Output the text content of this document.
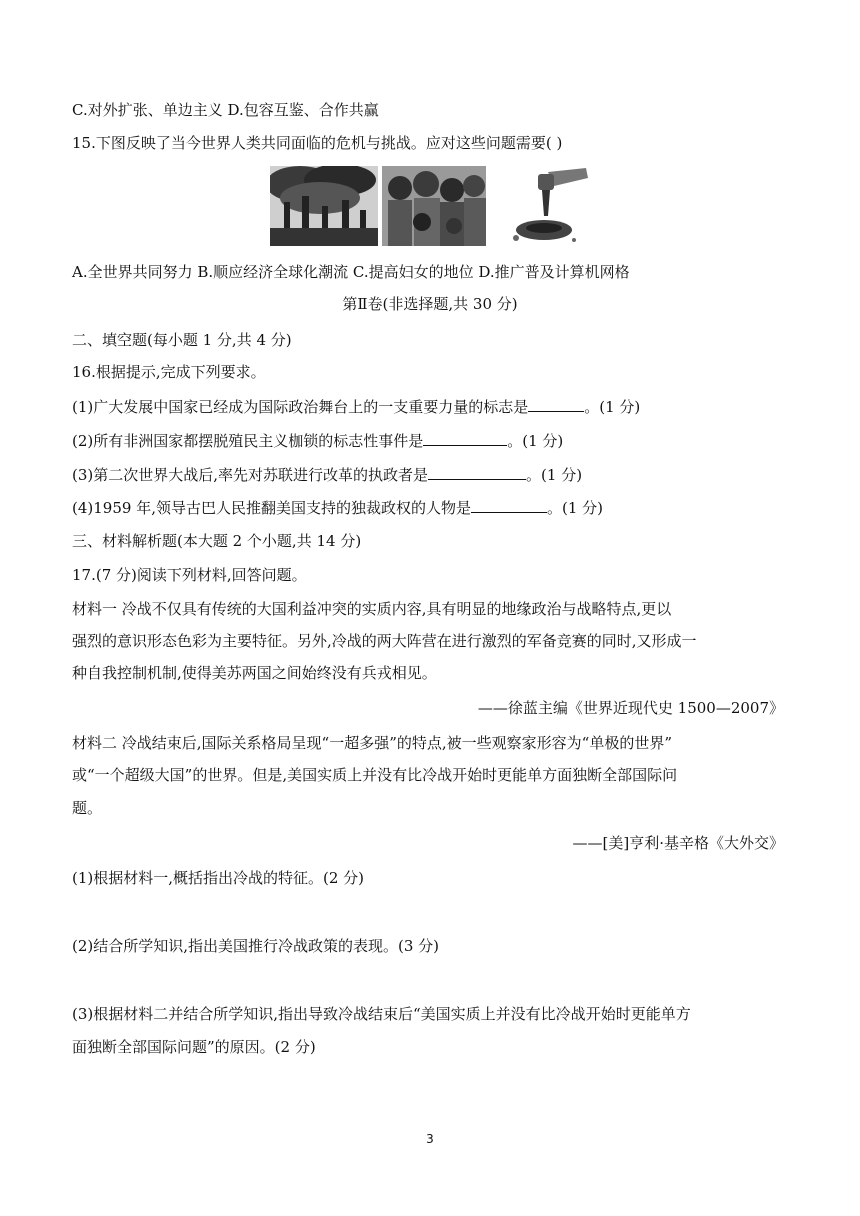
C.对外扩张、单边主义 D.包容互鉴、合作共赢
15.下图反映了当今世界人类共同面临的危机与挑战。应对这些问题需要( )
A.全世界共同努力 B.顺应经济全球化潮流 C.提高妇女的地位 D.推广普及计算机网格
第Ⅱ卷(非选择题,共 30 分)
二、填空题(每小题 1 分,共 4 分)
16.根据提示,完成下列要求。
(1)广大发展中国家已经成为国际政治舞台上的一支重要力量的标志是	。(1 分)
(2)所有非洲国家都摆脱殖民主义枷锁的标志性事件是	。(1 分)
(3)第二次世界大战后,率先对苏联进行改革的执政者是	。(1 分)
(4)1959 年,领导古巴人民推翻美国支持的独裁政权的人物是	。(1 分)
三、材料解析题(本大题 2 个小题,共 14 分)
17.(7 分)阅读下列材料,回答问题。
材料一 冷战不仅具有传统的大国利益冲突的实质内容,具有明显的地缘政治与战略特点,更以
强烈的意识形态色彩为主要特征。另外,冷战的两大阵营在进行激烈的军备竞赛的同时,又形成一
种自我控制机制,使得美苏两国之间始终没有兵戎相见。
——徐蓝主编《世界近现代史 1500—2007》
材料二 冷战结束后,国际关系格局呈现“一超多强”的特点,被一些观察家形容为“单极的世界”
或“一个超级大国”的世界。但是,美国实质上并没有比冷战开始时更能单方面独断全部国际问
题。
——[美]亨利·基辛格《大外交》
(1)根据材料一,概括指出冷战的特征。(2 分)
(2)结合所学知识,指出美国推行冷战政策的表现。(3 分)
(3)根据材料二并结合所学知识,指出导致冷战结束后“美国实质上并没有比冷战开始时更能单方
面独断全部国际问题”的原因。(2 分)
3
